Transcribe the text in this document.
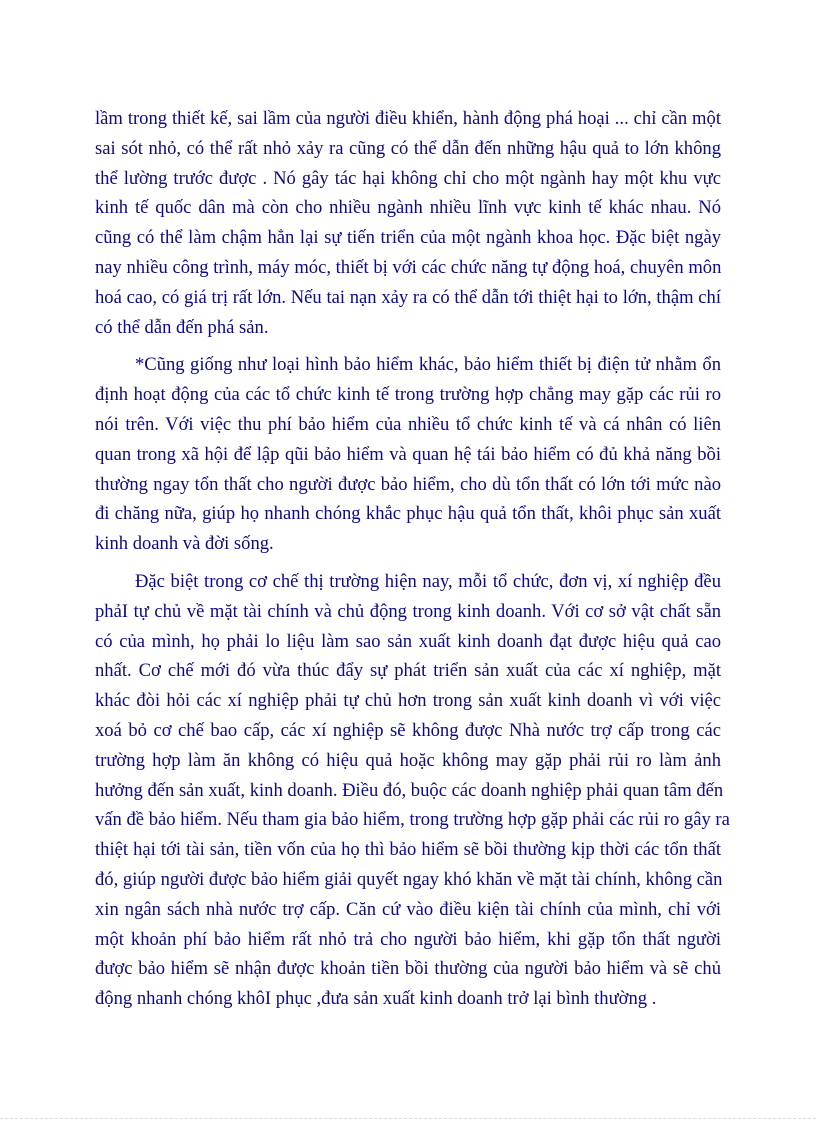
lầm trong thiết kế, sai lầm của người điều khiển, hành động phá hoại ... chỉ cần một
sai sót nhỏ, có thể rất nhỏ xảy ra cũng có thể dẫn đến những hậu quả to lớn không
thể lường trước được . Nó gây tác hại không chỉ cho một ngành hay một khu vực
kinh tế quốc dân mà còn cho nhiều ngành nhiều lĩnh vực kinh tế khác nhau. Nó
cũng có thể làm chậm hẳn lại sự tiến triển của một ngành khoa học. Đặc biệt ngày
nay nhiều công trình, máy móc, thiết bị với các chức năng tự động hoá, chuyên môn
hoá cao, có giá trị rất lớn. Nếu tai nạn xảy ra có thể dẫn tới thiệt hại to lớn, thậm chí
có thể dẫn đến phá sản.
*Cũng giống như loại hình bảo hiểm khác, bảo hiểm thiết bị điện tử nhằm ổn
định hoạt động của các tổ chức kinh tế trong trường hợp chẳng may gặp các rủi ro
nói trên. Với việc thu phí bảo hiểm của nhiều tổ chức kinh tế và cá nhân có liên
quan trong xã hội để lập qũi bảo hiểm và quan hệ tái bảo hiểm có đủ khả năng bồi
thường ngay tổn thất cho người được bảo hiểm, cho dù tổn thất có lớn tới mức nào
đi chăng nữa, giúp họ nhanh chóng khắc phục hậu quả tổn thất, khôi phục sản xuất
kinh doanh và đời sống.
Đặc biệt trong cơ chế thị trường hiện nay, mỗi tổ chức, đơn vị, xí nghiệp đều
phảI tự chủ về mặt tài chính và chủ động trong kinh doanh. Với cơ sở vật chất sẵn
có của mình, họ phải lo liệu làm sao sản xuất kinh doanh đạt được hiệu quả cao
nhất. Cơ chế mới đó vừa thúc đẩy sự phát triển sản xuất của các xí nghiệp, mặt
khác đòi hỏi các xí nghiệp phải tự chủ hơn trong sản xuất kinh doanh vì với việc
xoá bỏ cơ chế bao cấp, các xí nghiệp sẽ không được Nhà nước trợ cấp trong các
trường hợp làm ăn không có hiệu quả hoặc không may gặp phải rủi ro làm ảnh
hưởng đến sản xuất, kinh doanh. Điều đó, buộc các doanh nghiệp phải quan tâm đến
vấn đề bảo hiểm. Nếu tham gia bảo hiểm, trong trường hợp gặp phải các rủi ro gây ra
thiệt hại tới tài sản, tiền vốn của họ thì bảo hiểm sẽ bồi thường kịp thời các tổn thất
đó, giúp người được bảo hiểm giải quyết ngay khó khăn về mặt tài chính, không cần
xin ngân sách nhà nước trợ cấp. Căn cứ vào điều kiện tài chính của mình, chỉ với
một khoản phí bảo hiểm rất nhỏ trả cho người bảo hiểm, khi gặp tổn thất người
được bảo hiểm sẽ nhận được khoản tiền bồi thường của người bảo hiểm và sẽ chủ
động nhanh chóng khôI phục ,đưa sản xuất kinh doanh trở lại bình thường .
